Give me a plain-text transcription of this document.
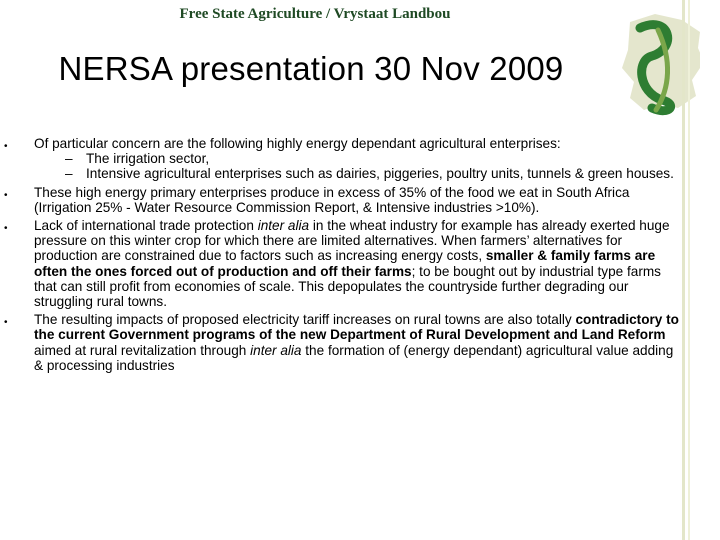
Free State Agriculture / Vrystaat Landbou
NERSA presentation 30 Nov 2009
• Of particular concern are the following highly energy dependant agricultural enterprises:
– The irrigation sector,
– Intensive agricultural enterprises such as dairies, piggeries, poultry units, tunnels & green houses.
• These high energy primary enterprises produce in excess of 35% of the food we eat in South Africa (Irrigation 25% - Water Resource Commission Report, & Intensive industries >10%).
• Lack of international trade protection inter alia in the wheat industry for example has already exerted huge pressure on this winter crop for which there are limited alternatives. When farmers’ alternatives for production are constrained due to factors such as increasing energy costs, smaller & family farms are often the ones forced out of production and off their farms; to be bought out by industrial type farms that can still profit from economies of scale. This depopulates the countryside further degrading our struggling rural towns.
• The resulting impacts of proposed electricity tariff increases on rural towns are also totally contradictory to the current Government programs of the new Department of Rural Development and Land Reform aimed at rural revitalization through inter alia the formation of (energy dependant) agricultural value adding & processing industries
